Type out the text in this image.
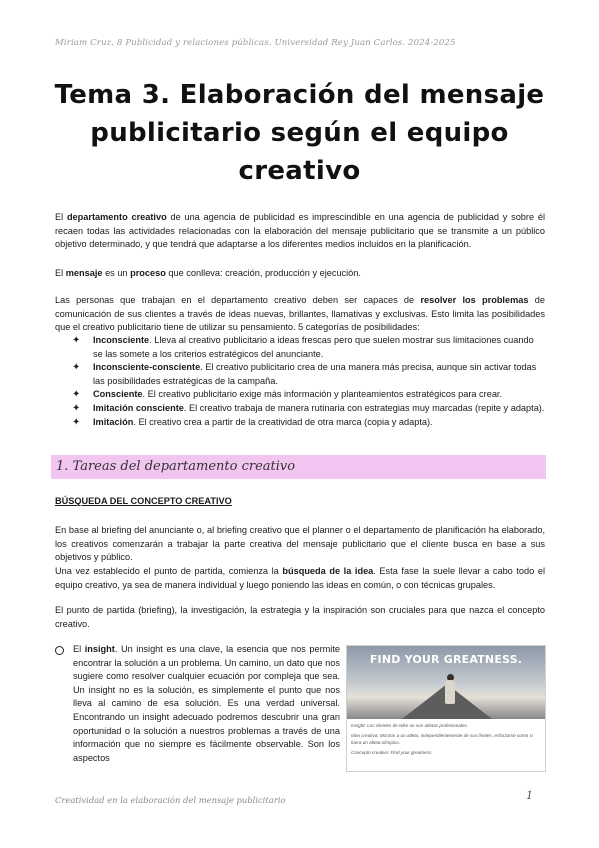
Miriam Cruz. 8 Publicidad y relaciones públicas. Universidad Rey Juan Carlos. 2024-2025
Tema 3. Elaboración del mensaje
publicitario según el equipo
creativo

El departamento creativo de una agencia de publicidad es imprescindible en una agencia de publicidad y sobre él recaen todas las actividades relacionadas con la elaboración del mensaje publicitario que se transmite a un público objetivo determinado, y que tendrá que adaptarse a los diferentes medios incluidos en la planificación.

El mensaje es un proceso que conlleva: creación, producción y ejecución.

Las personas que trabajan en el departamento creativo deben ser capaces de resolver los problemas de comunicación de sus clientes a través de ideas nuevas, brillantes, llamativas y exclusivas. Esto limita las posibilidades que el creativo publicitario tiene de utilizar su pensamiento. 5 categorías de posibilidades:

✦ Inconsciente. Lleva al creativo publicitario a ideas frescas pero que suelen mostrar sus limitaciones cuando se las somete a los criterios estratégicos del anunciante.
✦ Inconsciente-consciente. El creativo publicitario crea de una manera más precisa, aunque sin activar todas las posibilidades estratégicas de la campaña.
✦ Consciente. El creativo publicitario exige más información y planteamientos estratégicos para crear.
✦ Imitación consciente. El creativo trabaja de manera rutinaria con estrategias muy marcadas (repite y adapta).
✦ Imitación. El creativo crea a partir de la creatividad de otra marca (copia y adapta).
1. Tareas del departamento creativo
BÚSQUEDA DEL CONCEPTO CREATIVO

En base al briefing del anunciante o, al briefing creativo que el planner o el departamento de planificación ha elaborado, los creativos comenzarán a trabajar la parte creativa del mensaje publicitario que el cliente busca en base a sus objetivos y público.

Una vez establecido el punto de partida, comienza la búsqueda de la idea. Esta fase la suele llevar a cabo todo el equipo creativo, ya sea de manera individual y luego poniendo las ideas en común, o con técnicas grupales.

El punto de partida (briefing), la investigación, la estrategia y la inspiración son cruciales para que nazca el concepto creativo.

El insight. Un insight es una clave, la esencia que nos permite encontrar la solución a un problema. Un camino, un dato que nos sugiere como resolver cualquier ecuación por compleja que sea. Un insight no es la solución, es simplemente el punto que nos lleva al camino de esa solución. Es una verdad universal. Encontrando un insight adecuado podremos descubrir una gran oportunidad o la solución a nuestros problemas a través de una información que no siempre es fácilmente observable. Son los aspectos
FIND YOUR GREATNESS.
Insight: Los clientes de Nike no son atletas profesionales.
Idea creativa: Mostrar a un atleta, independientemente de sus límites, esforzarse como si fuera un atleta olímpico.
Concepto creativo: Find your greatness.
Creatividad en la elaboración del mensaje publicitario	1
